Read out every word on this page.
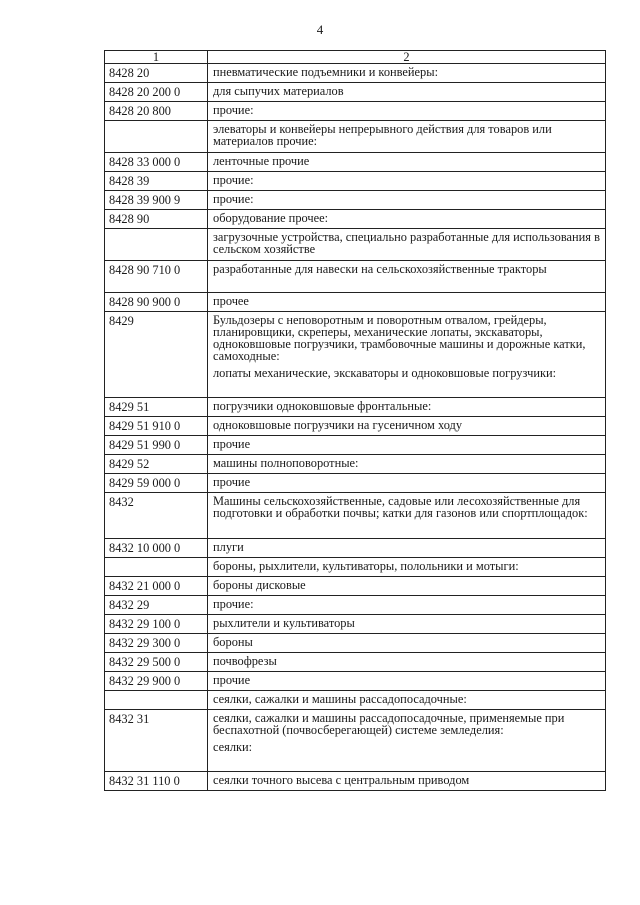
4
1	2
8428 20	пневматические подъемники и конвейеры:

8428 20 200 0	для сыпучих материалов

8428 20 800	прочие:

	элеваторы и конвейеры непрерывного действия для товаров или материалов прочие:

8428 33 000 0	ленточные прочие

8428 39	прочие:

8428 39 900 9	прочие:

8428 90	оборудование прочее:

	загрузочные устройства, специально разработанные для использования в сельском хозяйстве

8428 90 710 0	разработанные для навески на сельскохозяйственные тракторы

8428 90 900 0	прочее

8429	Бульдозеры с неповоротным и поворотным отвалом, грейдеры, планировщики, скреперы, механические лопаты, экскаваторы, одноковшовые погрузчики, трамбовочные машины и дорожные катки, самоходные:
лопаты механические, экскаваторы и одноковшовые погрузчики:

8429 51	погрузчики одноковшовые фронтальные:

8429 51 910 0	одноковшовые погрузчики на гусеничном ходу

8429 51 990 0	прочие

8429 52	машины полноповоротные:

8429 59 000 0	прочие

8432	Машины сельскохозяйственные, садовые или лесохозяйственные для подготовки и обработки почвы; катки для газонов или спортплощадок:

8432 10 000 0	плуги

	бороны, рыхлители, культиваторы, полольники и мотыги:

8432 21 000 0	бороны дисковые

8432 29	прочие:

8432 29 100 0	рыхлители и культиваторы

8432 29 300 0	бороны

8432 29 500 0	почвофрезы

8432 29 900 0	прочие

	сеялки, сажалки и машины рассадопосадочные:

8432 31	сеялки, сажалки и машины рассадопосадочные, применяемые при беспахотной (почвосберегающей) системе земледелия:
сеялки:

8432 31 110 0	сеялки точного высева с центральным приводом
